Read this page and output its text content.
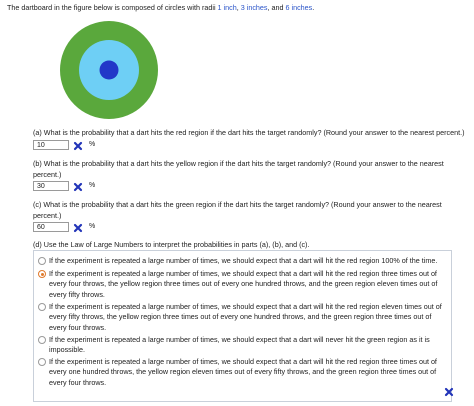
The dartboard in the figure below is composed of circles with radii 1 inch, 3 inches, and 6 inches.
(a) What is the probability that a dart hits the red region if the dart hits the target randomly? (Round your answer to the nearest percent.)
10
%
(b) What is the probability that a dart hits the yellow region if the dart hits the target randomly? (Round your answer to the nearest percent.)
30
%
(c) What is the probability that a dart hits the green region if the dart hits the target randomly? (Round your answer to the nearest percent.)
60
%
(d) Use the Law of Large Numbers to interpret the probabilities in parts (a), (b), and (c).
If the experiment is repeated a large number of times, we should expect that a dart will hit the red region 100% of the time.
If the experiment is repeated a large number of times, we should expect that a dart will hit the red region three times out of every four throws, the yellow region three times out of every one hundred throws, and the green region eleven times out of every fifty throws.
If the experiment is repeated a large number of times, we should expect that a dart will hit the red region eleven times out of every fifty throws, the yellow region three times out of every one hundred throws, and the green region three times out of every four throws.
If the experiment is repeated a large number of times, we should expect that a dart will never hit the green region as it is impossible.
If the experiment is repeated a large number of times, we should expect that a dart will hit the red region three times out of every one hundred throws, the yellow region eleven times out of every fifty throws, and the green region three times out of every four throws.
